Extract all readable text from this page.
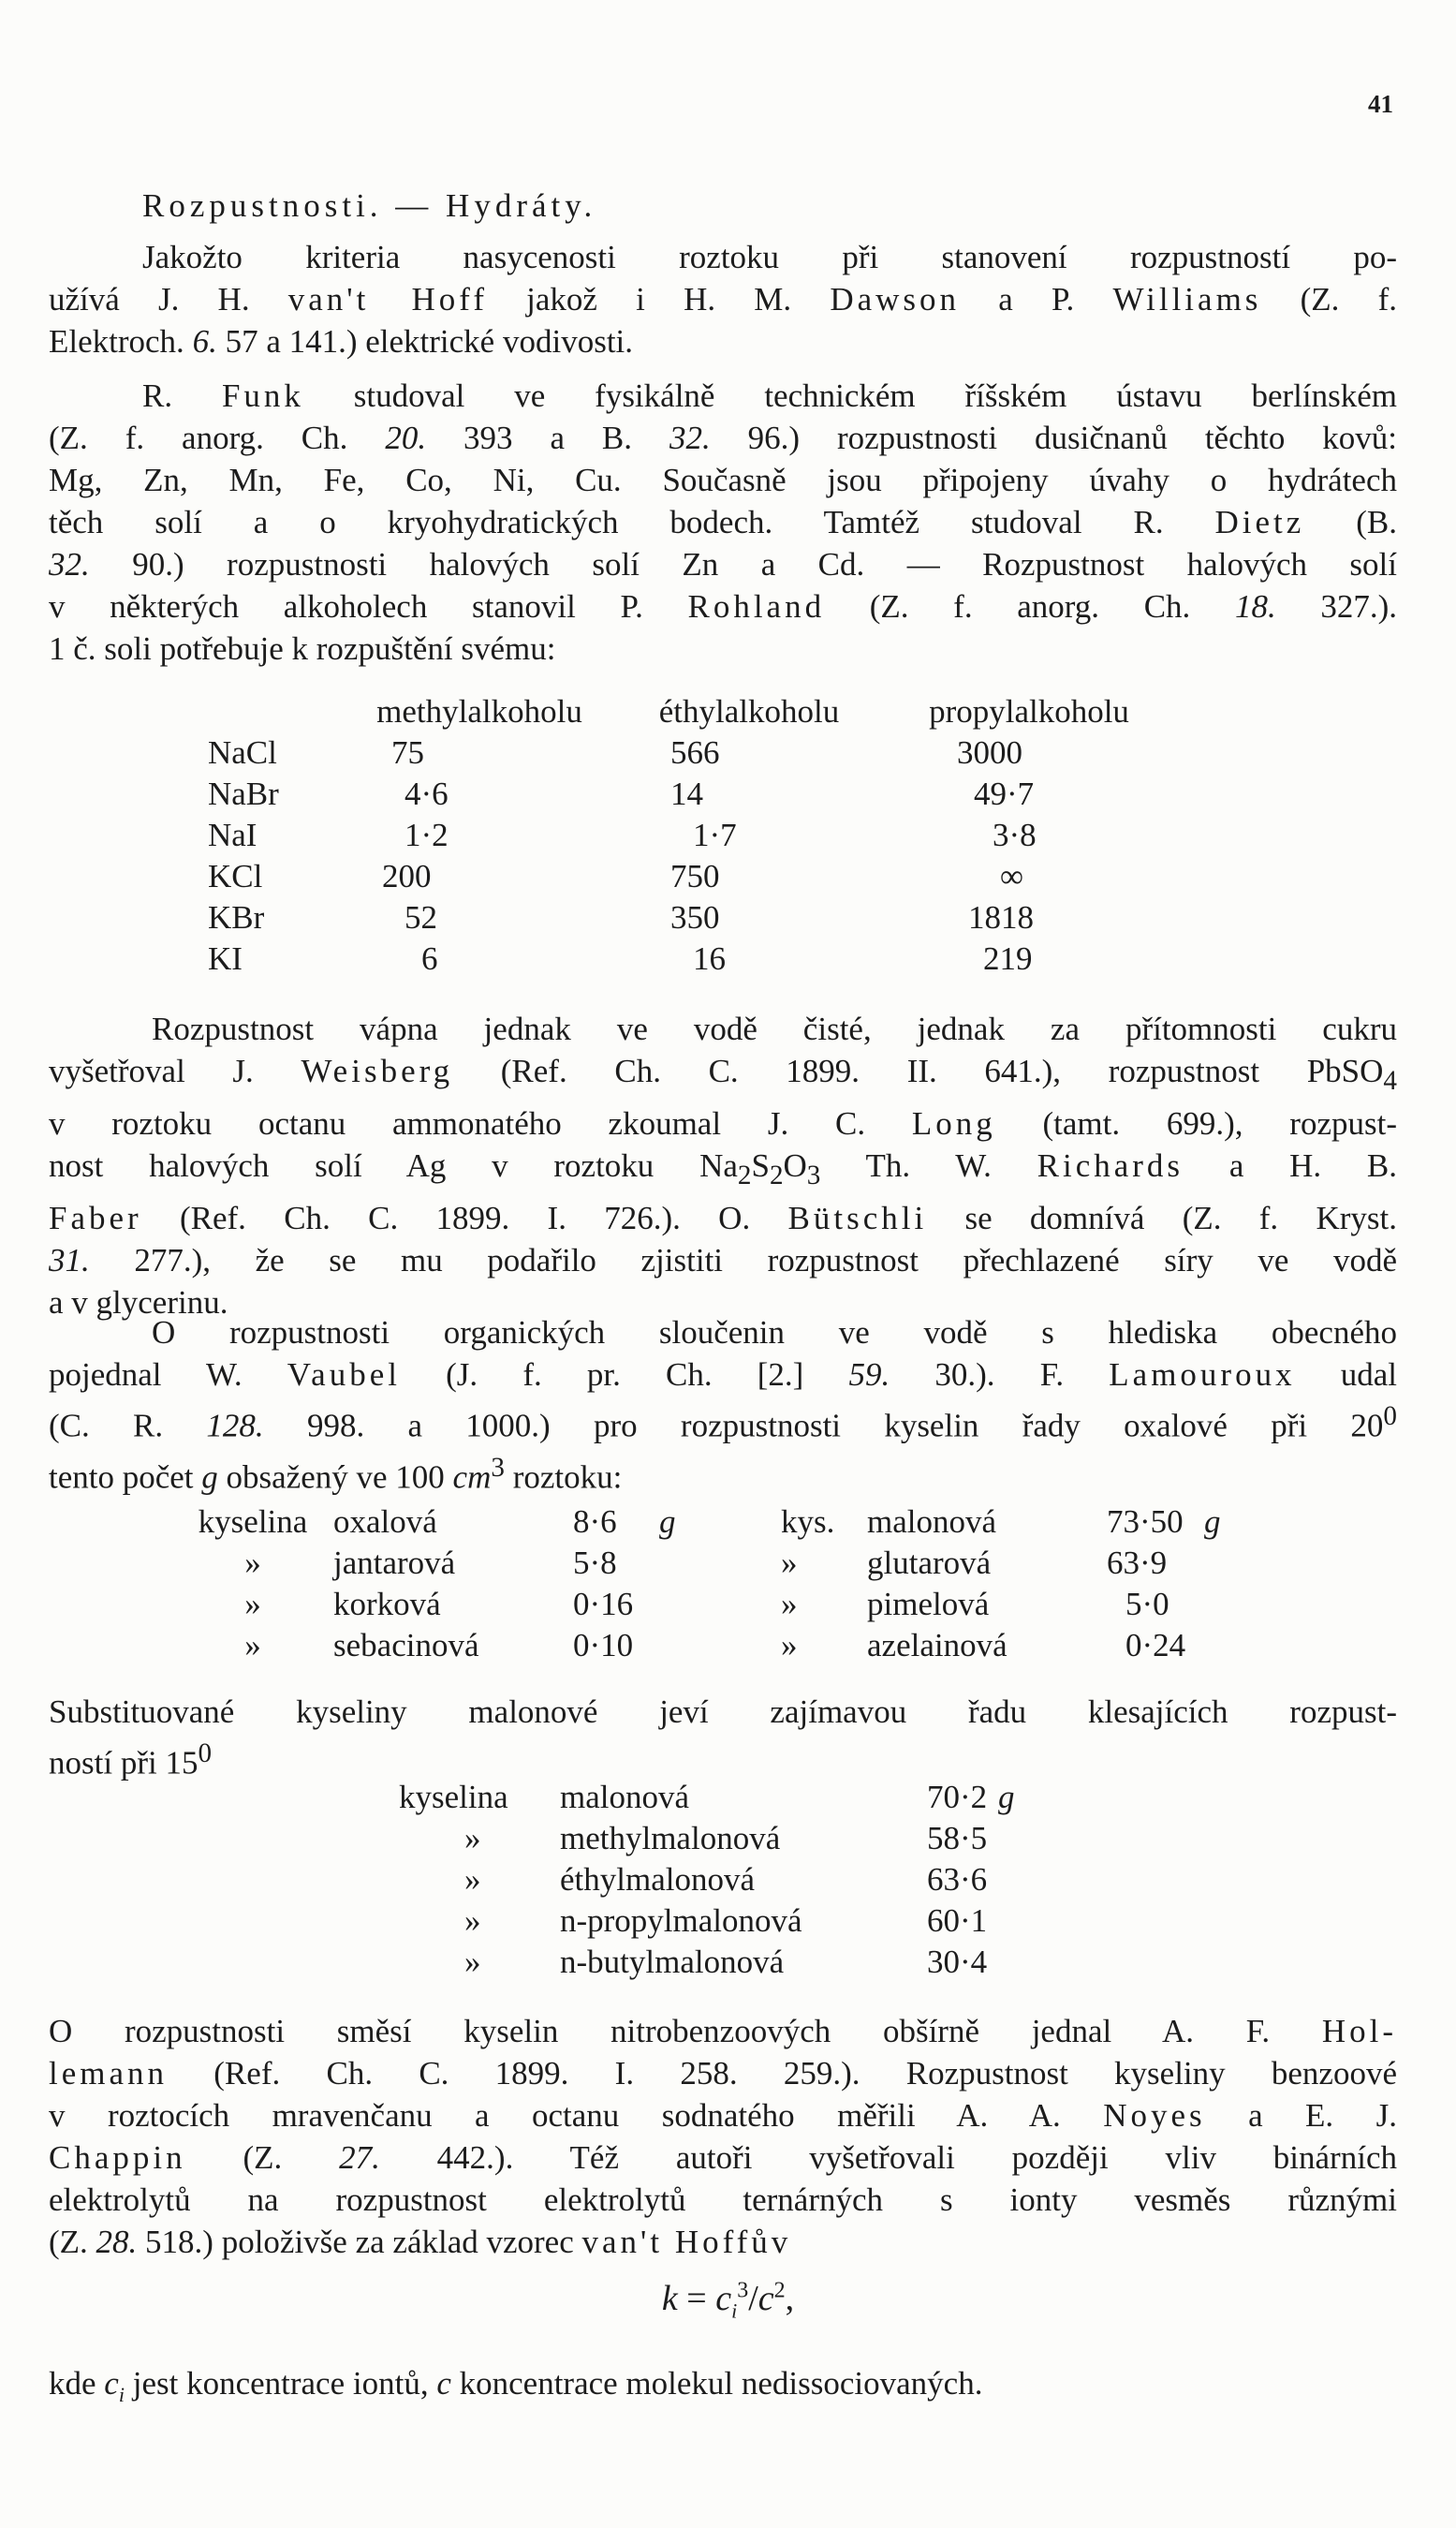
41
Rozpustnosti. — Hydráty.
Jakožto kriteria nasycenosti roztoku při stanovení rozpustností po-
užívá J. H. van't Hoff jakož i H. M. Dawson a P. Williams (Z. f.
Elektroch. 6. 57 a 141.) elektrické vodivosti.
R. Funk studoval ve fysikálně technickém říšském ústavu berlínském
(Z. f. anorg. Ch. 20. 393 a B. 32. 96.) rozpustnosti dusičnanů těchto kovů:
Mg, Zn, Mn, Fe, Co, Ni, Cu. Současně jsou připojeny úvahy o hydrátech
těch solí a o kryohydratických bodech. Tamtéž studoval R. Dietz (B.
32. 90.) rozpustnosti halových solí Zn a Cd. — Rozpustnost halových solí
v některých alkoholech stanovil P. Rohland (Z. f. anorg. Ch. 18. 327.).
1 č. soli potřebuje k rozpuštění svému:
	methylalkoholu	éthylalkoholu	propylalkoholu
NaCl	75	566	3000
NaBr	4·6	14	49·7
NaI	1·2	1·7	3·8
KCl	200	750	∞
KBr	52	350	1818
KI	6	16	219
Rozpustnost vápna jednak ve vodě čisté, jednak za přítomnosti cukru
vyšetřoval J. Weisberg (Ref. Ch. C. 1899. II. 641.), rozpustnost PbSO$_4$
v roztoku octanu ammonatého zkoumal J. C. Long (tamt. 699.), rozpust-
nost halových solí Ag v roztoku $Na_2S_2O_3$ Th. W. Richards a H. B.
Faber (Ref. Ch. C. 1899. I. 726.). O. Bütschli se domnívá (Z. f. Kryst.
31. 277.), že se mu podařilo zjistiti rozpustnost přechlazené síry ve vodě
a v glycerinu.
O rozpustnosti organických sloučenin ve vodě s hlediska obecného
pojednal W. Vaubel (J. f. pr. Ch. [2.] 59. 30.). F. Lamouroux udal
(C. R. 128. 998. a 1000.) pro rozpustnosti kyselin řady oxalové při $20^0$
tento počet g obsažený ve 100 $cm^3$ roztoku:
kyselina	oxalová	8·6	g	kys.	malonová	73·50	g
»	jantarová	5·8		»	glutarová	63·9	
»	korková	0·16		»	pimelová	5·0	
»	sebacinová	0·10		»	azelainová	0·24	
Substituované kyseliny malonové jeví zajímavou řadu klesajících rozpust-
ností při $15^0$
kyselina	malonová	70·2	g
»	methylmalonová	58·5	
»	éthylmalonová	63·6	
»	n-propylmalonová	60·1	
»	n-butylmalonová	30·4	
O rozpustnosti směsí kyselin nitrobenzoových obšírně jednal A. F. Hol-
lemann (Ref. Ch. C. 1899. I. 258. 259.). Rozpustnost kyseliny benzoové
v roztocích mravenčanu a octanu sodnatého měřili A. A. Noyes a E. J.
Chappin (Z. 27. 442.). Též autoři vyšetřovali později vliv binárních
elektrolytů na rozpustnost elektrolytů ternárných s ionty vesměs různými
(Z. 28. 518.) položivše za základ vzorec van't Hoffův
$k = c_i^3/c^2$,
kde $c_i$ jest koncentrace iontů, c koncentrace molekul nedissociovaných.
